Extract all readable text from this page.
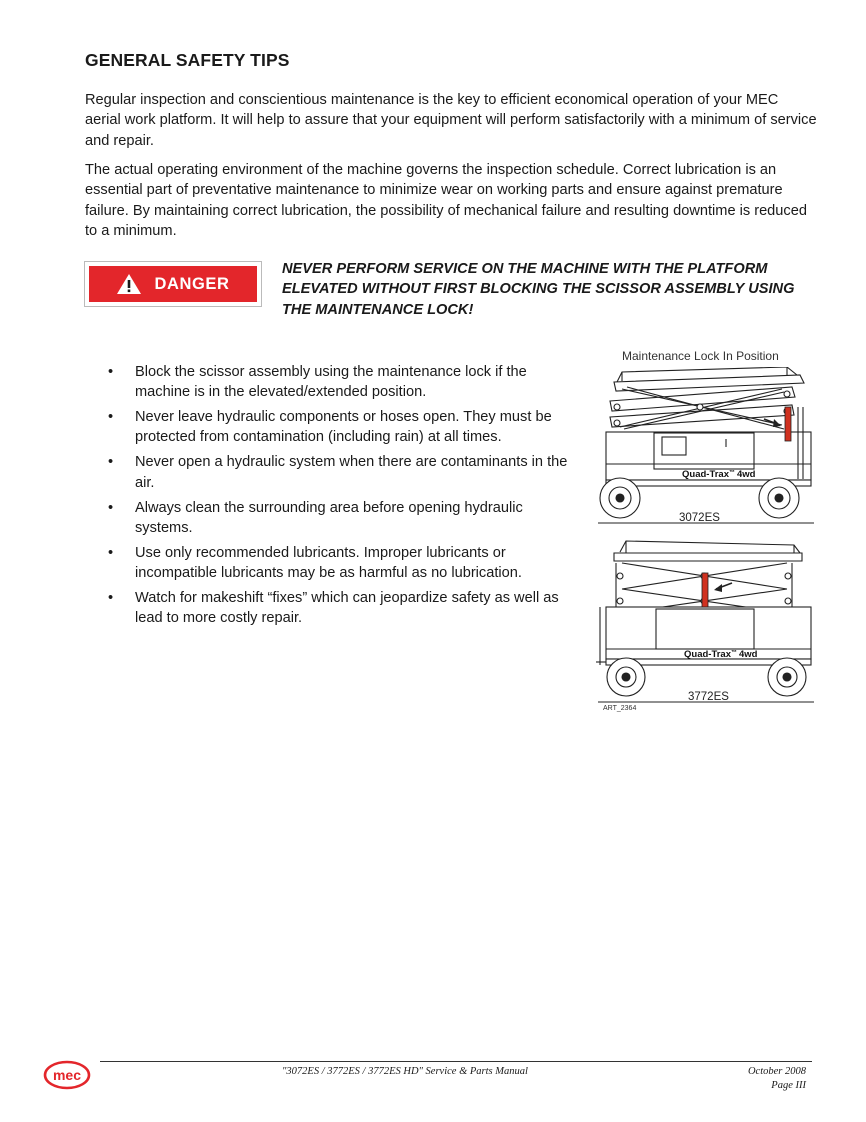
GENERAL SAFETY TIPS

Regular inspection and conscientious maintenance is the key to efficient economical operation of your MEC aerial work platform. It will help to assure that your equipment will perform satisfactorily with a minimum of service and repair.

The actual operating environment of the machine governs the inspection schedule. Correct lubrication is an essential part of preventative maintenance to minimize wear on working parts and ensure against premature failure. By maintaining correct lubrication, the possibility of mechanical failure and resulting downtime is reduced to a minimum.

DANGER

NEVER PERFORM SERVICE ON THE MACHINE WITH THE PLATFORM ELEVATED WITHOUT FIRST BLOCKING THE SCISSOR ASSEMBLY USING THE MAINTENANCE LOCK!

• Block the scissor assembly using the maintenance lock if the machine is in the elevated/extended position.
• Never leave hydraulic components or hoses open. They must be protected from contamination (including rain) at all times.
• Never open a hydraulic system when there are contaminants in the air.
• Always clean the surrounding area before opening hydraulic systems.
• Use only recommended lubricants. Improper lubricants or incompatible lubricants may be as harmful as no lubrication.
• Watch for makeshift “fixes” which can jeopardize safety as well as lead to more costly repair.
Maintenance Lock In Position
Quad-Trax™ 4wd
3072ES
Quad-Trax™ 4wd
3772ES
ART_2364
mec	"3072ES / 3772ES / 3772ES HD" Service & Parts Manual	October 2008
Page III
